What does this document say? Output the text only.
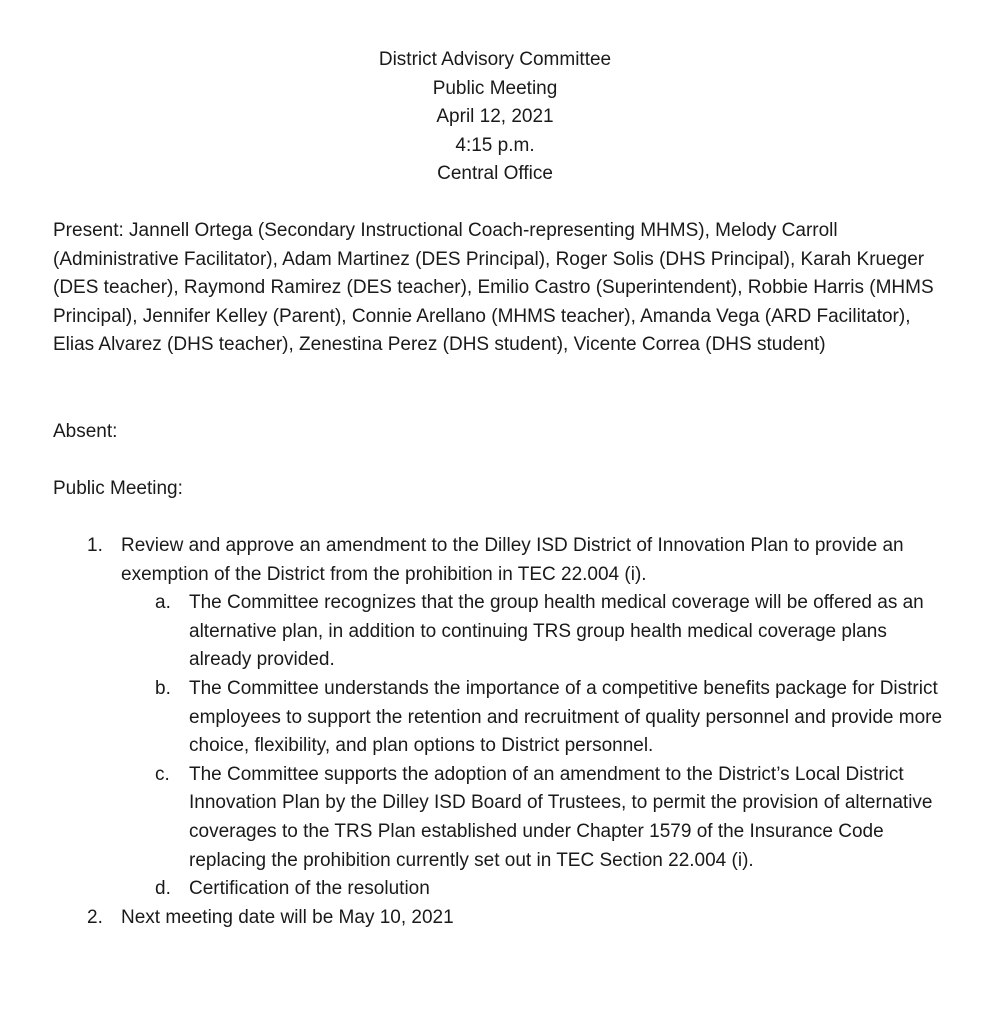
District Advisory Committee
Public Meeting
April 12, 2021
4:15 p.m.
Central Office

Present: Jannell Ortega (Secondary Instructional Coach-representing MHMS), Melody Carroll (Administrative Facilitator), Adam Martinez (DES Principal), Roger Solis (DHS Principal), Karah Krueger (DES teacher), Raymond Ramirez (DES teacher), Emilio Castro (Superintendent), Robbie Harris (MHMS Principal), Jennifer Kelley (Parent), Connie Arellano (MHMS teacher), Amanda Vega (ARD Facilitator), Elias Alvarez (DHS teacher), Zenestina Perez (DHS student), Vicente Correa (DHS student)

Absent:

Public Meeting:

1. Review and approve an amendment to the Dilley ISD District of Innovation Plan to provide an exemption of the District from the prohibition in TEC 22.004 (i).
a. The Committee recognizes that the group health medical coverage will be offered as an alternative plan, in addition to continuing TRS group health medical coverage plans already provided.
b. The Committee understands the importance of a competitive benefits package for District employees to support the retention and recruitment of quality personnel and provide more choice, flexibility, and plan options to District personnel.
c. The Committee supports the adoption of an amendment to the District’s Local District Innovation Plan by the Dilley ISD Board of Trustees, to permit the provision of alternative coverages to the TRS Plan established under Chapter 1579 of the Insurance Code replacing the prohibition currently set out in TEC Section 22.004 (i).
d. Certification of the resolution
2. Next meeting date will be May 10, 2021
